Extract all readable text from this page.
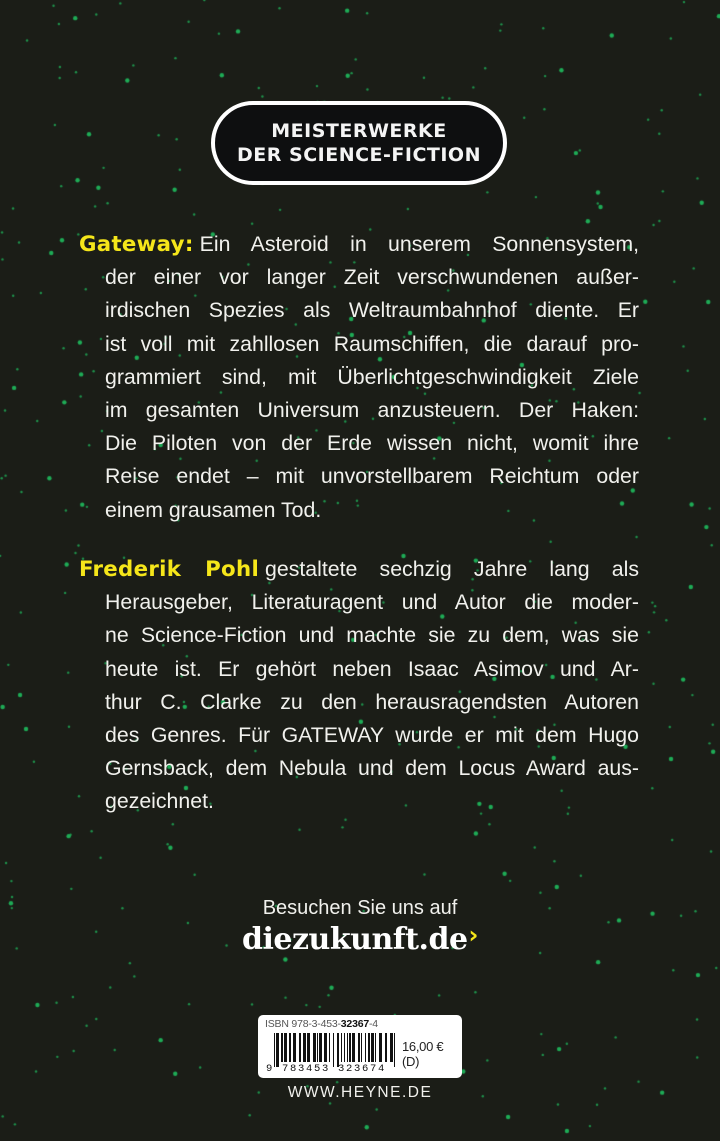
MEISTERWERKE
DER SCIENCE-FICTION
Gateway: Ein Asteroid in unserem Sonnensystem,
der einer vor langer Zeit verschwundenen außer-
irdischen Spezies als Weltraumbahnhof diente. Er
ist voll mit zahllosen Raumschiffen, die darauf pro-
grammiert sind, mit Überlichtgeschwindigkeit Ziele
im gesamten Universum anzusteuern. Der Haken:
Die Piloten von der Erde wissen nicht, womit ihre
Reise endet – mit unvorstellbarem Reichtum oder
einem grausamen Tod.
Frederik Pohl gestaltete sechzig Jahre lang als
Herausgeber, Literaturagent und Autor die moder-
ne Science-Fiction und machte sie zu dem, was sie
heute ist. Er gehört neben Isaac Asimov und Ar-
thur C. Clarke zu den herausragendsten Autoren
des Genres. Für GATEWAY wurde er mit dem Hugo
Gernsback, dem Nebula und dem Locus Award aus-
gezeichnet.
Besuchen Sie uns auf
diezukunft.de›
ISBN 978-3-453-32367-4
9 783453 323674
16,00 € (D)
WWW.HEYNE.DE
